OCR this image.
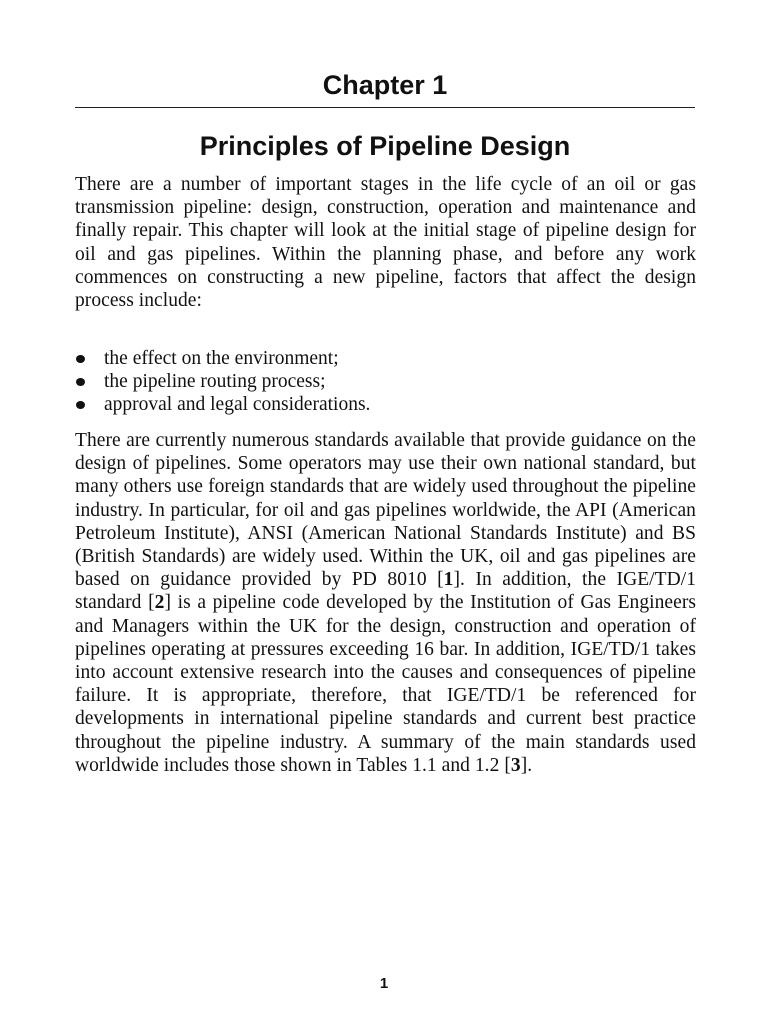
Chapter 1
Principles of Pipeline Design

There are a number of important stages in the life cycle of an oil or gas transmission pipeline: design, construction, operation and maintenance and finally repair. This chapter will look at the initial stage of pipeline design for oil and gas pipelines. Within the planning phase, and before any work commences on constructing a new pipeline, factors that affect the design process include:

the effect on the environment;
the pipeline routing process;
approval and legal considerations.

There are currently numerous standards available that provide guidance on the design of pipelines. Some operators may use their own national standard, but many others use foreign standards that are widely used throughout the pipeline industry. In particular, for oil and gas pipelines worldwide, the API (American Petroleum Institute), ANSI (American National Standards Institute) and BS (British Standards) are widely used. Within the UK, oil and gas pipelines are based on guidance provided by PD 8010 [1]. In addition, the IGE/TD/1 standard [2] is a pipeline code developed by the Institution of Gas Engineers and Managers within the UK for the design, construction and operation of pipelines operating at pressures exceeding 16 bar. In addition, IGE/TD/1 takes into account extensive research into the causes and consequences of pipeline failure. It is appropriate, therefore, that IGE/TD/1 be referenced for developments in international pipeline standards and current best practice throughout the pipeline industry. A summary of the main standards used worldwide includes those shown in Tables 1.1 and 1.2 [3].

1
